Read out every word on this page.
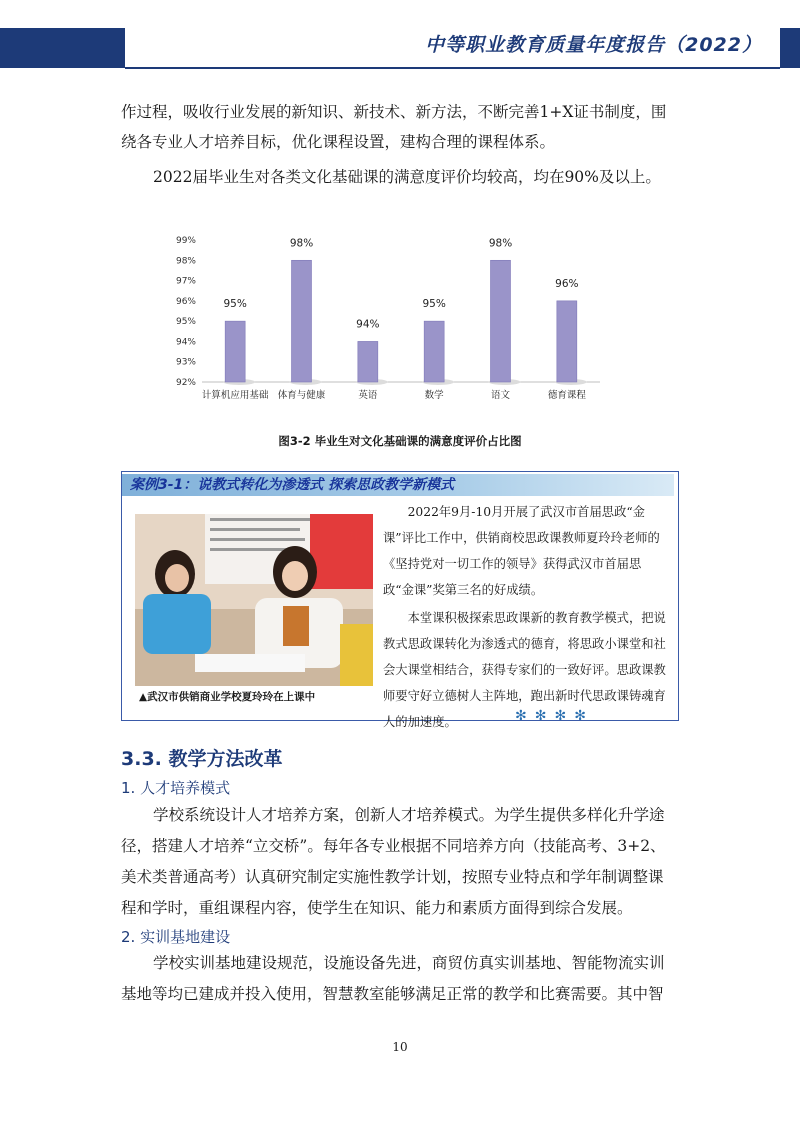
中等职业教育质量年度报告（2022）
作过程，吸收行业发展的新知识、新技术、新方法，不断完善1+X证书制度，围
绕各专业人才培养目标，优化课程设置，建构合理的课程体系。
2022届毕业生对各类文化基础课的满意度评价均较高，均在90%及以上。
92%
93%
94%
95%
96%
97%
98%
99%
95%
计算机应用基础
98%
体育与健康
94%
英语
95%
数学
98%
语文
96%
德育课程
图3-2 毕业生对文化基础课的满意度评价占比图
案例3-1：说教式转化为渗透式 探索思政教学新模式
▲武汉市供销商业学校夏玲玲在上课中

2022年9月-10月开展了武汉市首届思政“金课”评比工作中，供销商校思政课教师夏玲玲老师的《坚持党对一切工作的领导》获得武汉市首届思政“金课”奖第三名的好成绩。

本堂课积极探索思政课新的教育教学模式，把说教式思政课转化为渗透式的德育，将思政小课堂和社会大课堂相结合，获得专家们的一致好评。思政课教师要守好立德树人主阵地，跑出新时代思政课铸魂育人的加速度。	✻✻✻✻
3.3. 教学方法改革
1. 人才培养模式
学校系统设计人才培养方案，创新人才培养模式。为学生提供多样化升学途
径，搭建人才培养“立交桥”。每年各专业根据不同培养方向（技能高考、3+2、
美术类普通高考）认真研究制定实施性教学计划，按照专业特点和学年制调整课
程和学时，重组课程内容，使学生在知识、能力和素质方面得到综合发展。
2. 实训基地建设
学校实训基地建设规范，设施设备先进，商贸仿真实训基地、智能物流实训
基地等均已建成并投入使用，智慧教室能够满足正常的教学和比赛需要。其中智
10
